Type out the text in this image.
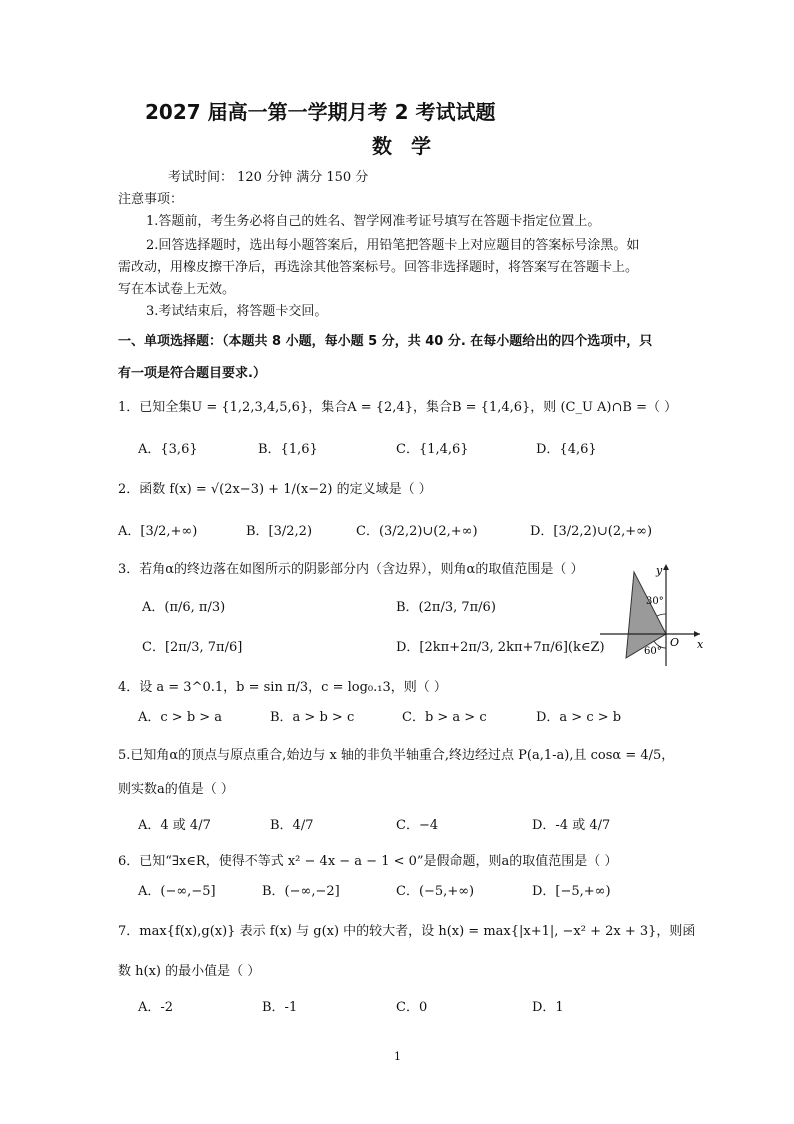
2027 届高一第一学期月考 2 考试试题
数 学
考试时间： 120 分钟 满分 150 分
注意事项：
1.答题前，考生务必将自己的姓名、智学网准考证号填写在答题卡指定位置上。
2.回答选择题时，选出每小题答案后，用铅笔把答题卡上对应题目的答案标号涂黑。如
需改动，用橡皮擦干净后，再选涂其他答案标号。回答非选择题时，将答案写在答题卡上。
写在本试卷上无效。
3.考试结束后，将答题卡交回。
一、单项选择题：（本题共 8 小题，每小题 5 分，共 40 分. 在每小题给出的四个选项中，只
有一项是符合题目要求.）
1．已知全集U = {1,2,3,4,5,6}，集合A = {2,4}，集合B = {1,4,6}，则 (C_U A)∩B =（ ）
A．{3,6}	B．{1,6}	C．{1,4,6}	D．{4,6}
2．函数 f(x) = √(2x−3) + 1/(x−2) 的定义域是（ ）
A．[3/2,+∞)	B．[3/2,2)	C．(3/2,2)∪(2,+∞)	D．[3/2,2)∪(2,+∞)
3．若角α的终边落在如图所示的阴影部分内（含边界），则角α的取值范围是（ ）
A．(π/6, π/3)	B．(2π/3, 7π/6)
C．[2π/3, 7π/6]	D．[2kπ+2π/3, 2kπ+7π/6](k∈Z)
y
x
O
30°
60°
4．设 a = 3^0.1，b = sin π/3，c = log₀.₁3，则（ ）
A．c > b > a	B．a > b > c	C．b > a > c	D．a > c > b
5.已知角α的顶点与原点重合,始边与 x 轴的非负半轴重合,终边经过点 P(a,1-a),且 cosα = 4/5，
则实数a的值是（ ）
A．4 或 4/7	B．4/7	C．−4	D．-4 或 4/7
6．已知“∃x∈R，使得不等式 x² − 4x − a − 1 < 0”是假命题，则a的取值范围是（ ）
A．(−∞,−5]	B．(−∞,−2]	C．(−5,+∞)	D．[−5,+∞)
7．max{f(x),g(x)} 表示 f(x) 与 g(x) 中的较大者，设 h(x) = max{|x+1|, −x² + 2x + 3}，则函
数 h(x) 的最小值是（ ）
A．-2	B．-1	C．0	D．1
1
